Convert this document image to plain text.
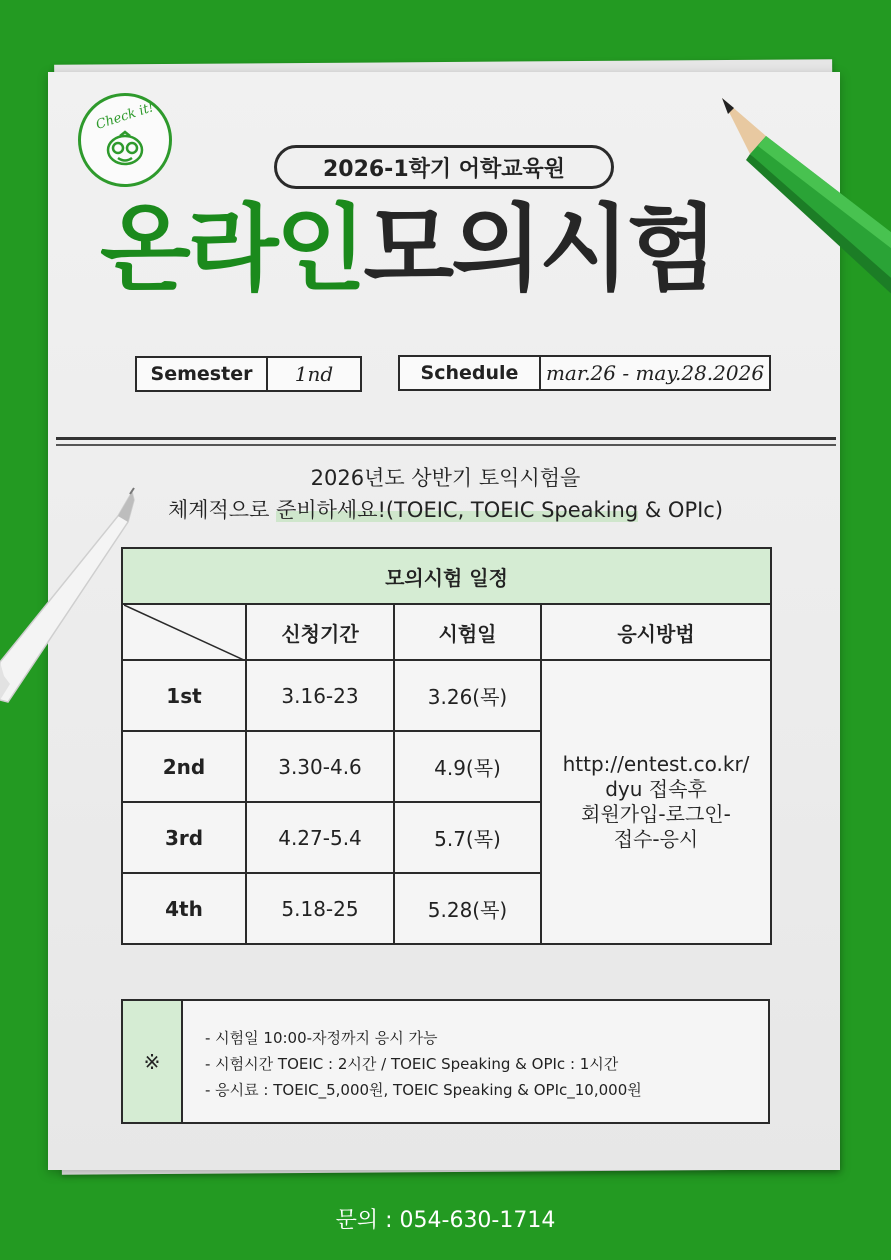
Check it!
2026-1학기 어학교육원
온라인모의시험
Semester	1nd	Schedule	mar.26 - may.28.2026
2026년도 상반기 토익시험을
체계적으로 준비하세요!(TOEIC, TOEIC Speaking & OPIc)
모의시험 일정			

	신청기간	시험일	응시방법
1st	3.16-23	3.26(목)	http://entest.co.kr/
dyu 접속후
회원가입-로그인-
접수-응시

2nd	3.30-4.6	4.9(목)	
3rd	4.27-5.4	5.7(목)	
4th	5.18-25	5.28(목)	
※
- 시험일 10:00-자정까지 응시 가능
- 시험시간 TOEIC : 2시간 / TOEIC Speaking & OPIc : 1시간
- 응시료 : TOEIC_5,000원, TOEIC Speaking & OPIc_10,000원
문의 : 054-630-1714
